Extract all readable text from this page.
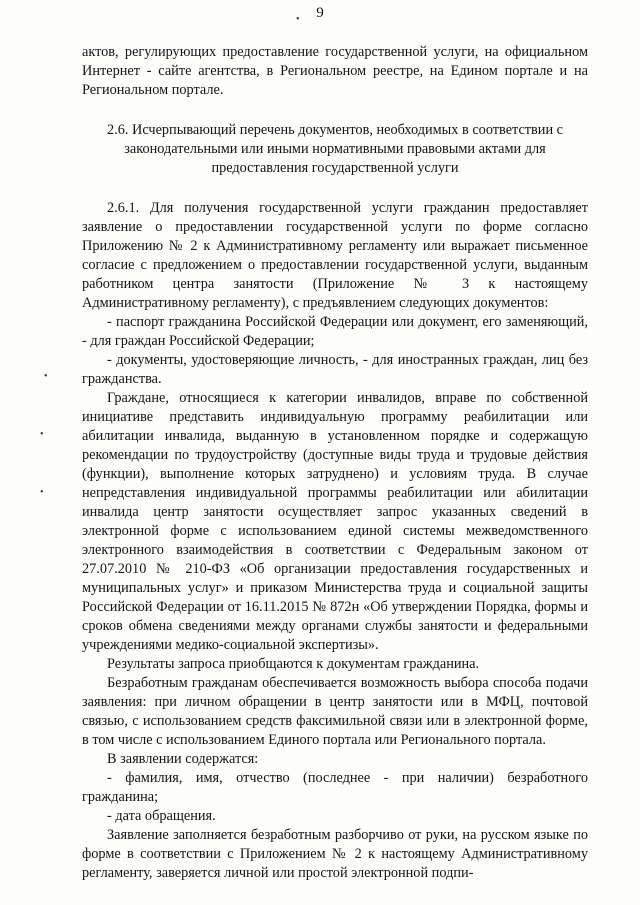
9
•
•
•
•

актов, регулирующих предоставление государственной услуги, на официальном Интернет - сайте агентства, в Региональном реестре, на Едином портале и на Региональном портале.

2.6. Исчерпывающий перечень документов, необходимых в соответствии с законодательными или иными нормативными правовыми актами для предоставления государственной услуги

2.6.1. Для получения государственной услуги гражданин предоставляет заявление о предоставлении государственной услуги по форме согласно Приложению № 2 к Административному регламенту или выражает письменное согласие с предложением о предоставлении государственной услуги, выданным работником центра занятости (Приложение № 3 к настоящему Административному регламенту), с предъявлением следующих документов:

- паспорт гражданина Российской Федерации или документ, его заменяющий, - для граждан Российской Федерации;

- документы, удостоверяющие личность, - для иностранных граждан, лиц без гражданства.

Граждане, относящиеся к категории инвалидов, вправе по собственной инициативе представить индивидуальную программу реабилитации или абилитации инвалида, выданную в установленном порядке и содержащую рекомендации по трудоустройству (доступные виды труда и трудовые действия (функции), выполнение которых затруднено) и условиям труда. В случае непредставления индивидуальной программы реабилитации или абилитации инвалида центр занятости осуществляет запрос указанных сведений в электронной форме с использованием единой системы межведомственного электронного взаимодействия в соответствии с Федеральным законом от 27.07.2010 № 210-ФЗ «Об организации предоставления государственных и муниципальных услуг» и приказом Министерства труда и социальной защиты Российской Федерации от 16.11.2015 № 872н «Об утверждении Порядка, формы и сроков обмена сведениями между органами службы занятости и федеральными учреждениями медико-социальной экспертизы».

Результаты запроса приобщаются к документам гражданина.

Безработным гражданам обеспечивается возможность выбора способа подачи заявления: при личном обращении в центр занятости или в МФЦ, почтовой связью, с использованием средств факсимильной связи или в электронной форме, в том числе с использованием Единого портала или Регионального портала.

В заявлении содержатся:

- фамилия, имя, отчество (последнее - при наличии) безработного гражданина;

- дата обращения.

Заявление заполняется безработным разборчиво от руки, на русском языке по форме в соответствии с Приложением № 2 к настоящему Административному регламенту, заверяется личной или простой электронной подпи-
